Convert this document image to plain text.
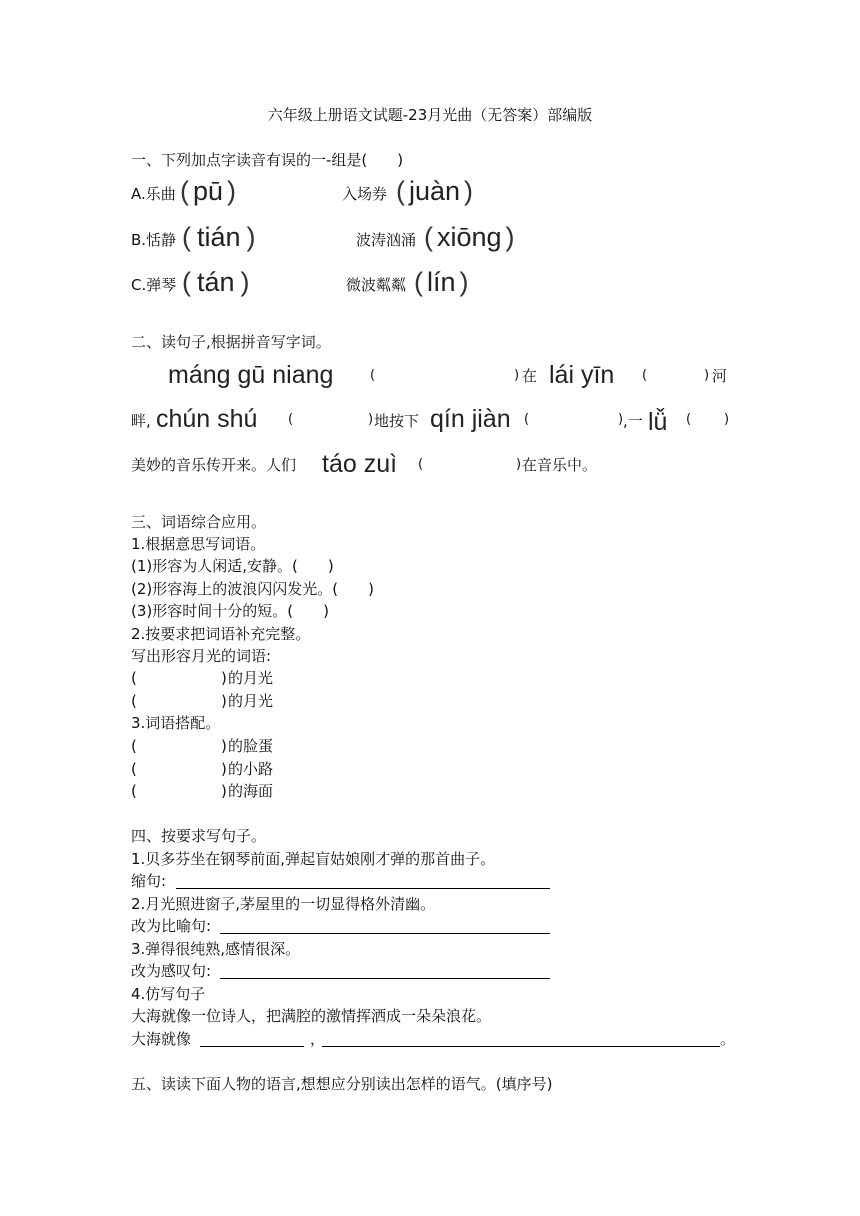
六年级上册语文试题-23月光曲（无答案）部编版
一、下列加点字读音有误的一-组是(　　)
A.乐曲 ( pū )	入场券 ( juàn )
B.恬静 ( tián )	波涛汹涌 ( xiōng )
C.弹琴 ( tán )	微波粼粼 ( lín )
二、读句子,根据拼音写字词。
máng gū niang	(	) 在 lái yīn (	) 河
畔, chún shú (	) 地按下 qín jiàn (	) ,一 lǚ (	)
美妙的音乐传开来。人们 táo zuì (	) 在音乐中。
三、词语综合应用。
1.根据意思写词语。
(1)形容为人闲适,安静。(　　)
(2)形容海上的波浪闪闪发光。(　　)
(3)形容时间十分的短。(　　)
2.按要求把词语补充完整。
写出形容月光的词语:
(	) 的月光
(	) 的月光
3.词语搭配。
(	) 的脸蛋
(	) 的小路
(	) 的海面
四、按要求写句子。
1.贝多芬坐在钢琴前面,弹起盲姑娘刚才弹的那首曲子。
缩句:
2.月光照进窗子,茅屋里的一切显得格外清幽。
改为比喻句:
3.弹得很纯熟,感情很深。
改为感叹句:
4.仿写句子
大海就像一位诗人，把满腔的激情挥洒成一朵朵浪花。
大海就像	，	。
五、读读下面人物的语言,想想应分别读出怎样的语气。(填序号)
